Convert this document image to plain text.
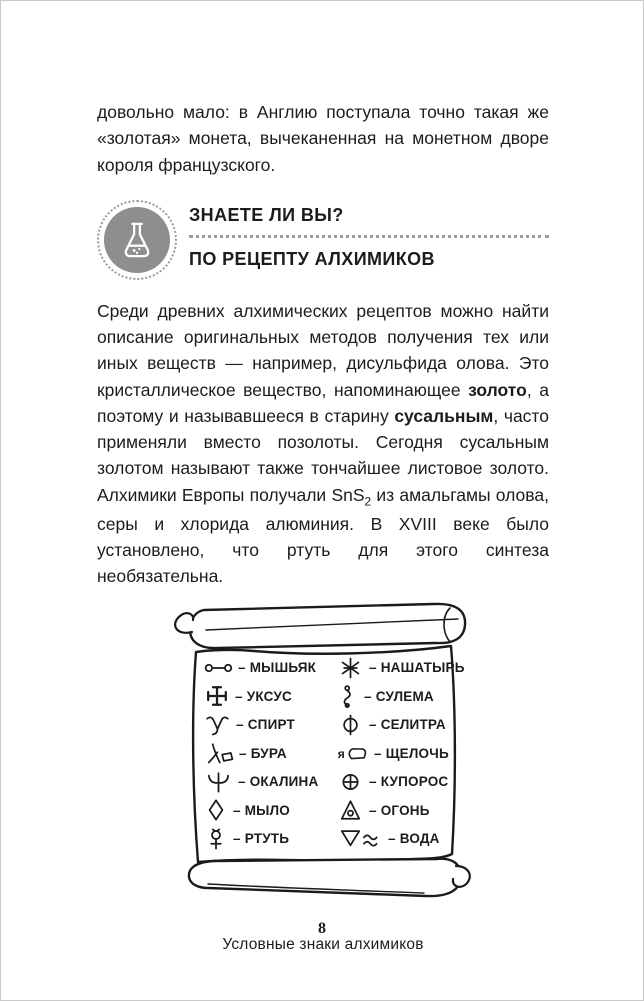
довольно мало: в Англию поступала точно такая же «золотая» монета, вычеканенная на монетном дворе короля французского.

ЗНАЕТЕ ЛИ ВЫ?
ПО РЕЦЕПТУ АЛХИМИКОВ

Среди древних алхимических рецептов можно найти описание оригинальных методов получения тех или иных веществ — например, дисульфида олова. Это кристаллическое вещество, напоминающее золото, а поэтому и называвшееся в старину сусальным, часто применяли вместо позолоты. Сегодня сусальным золотом называют также тончайшее листовое золото. Алхимики Европы получали SnS$_2$ из амальгамы олова, серы и хлорида алюминия. В XVIII веке было установлено, что ртуть для этого синтеза необязательна.

– МЫШЬЯК
– УКСУС
– СПИРТ
– БУРА
– ОКАЛИНА
– МЫЛО
– РТУТЬ
– НАШАТЫРЬ
– СУЛЕМА
– СЕЛИТРА
– ЩЕЛОЧЬ
– КУПОРОС
– ОГОНЬ
– ВОДА
Условные знаки алхимиков
8
